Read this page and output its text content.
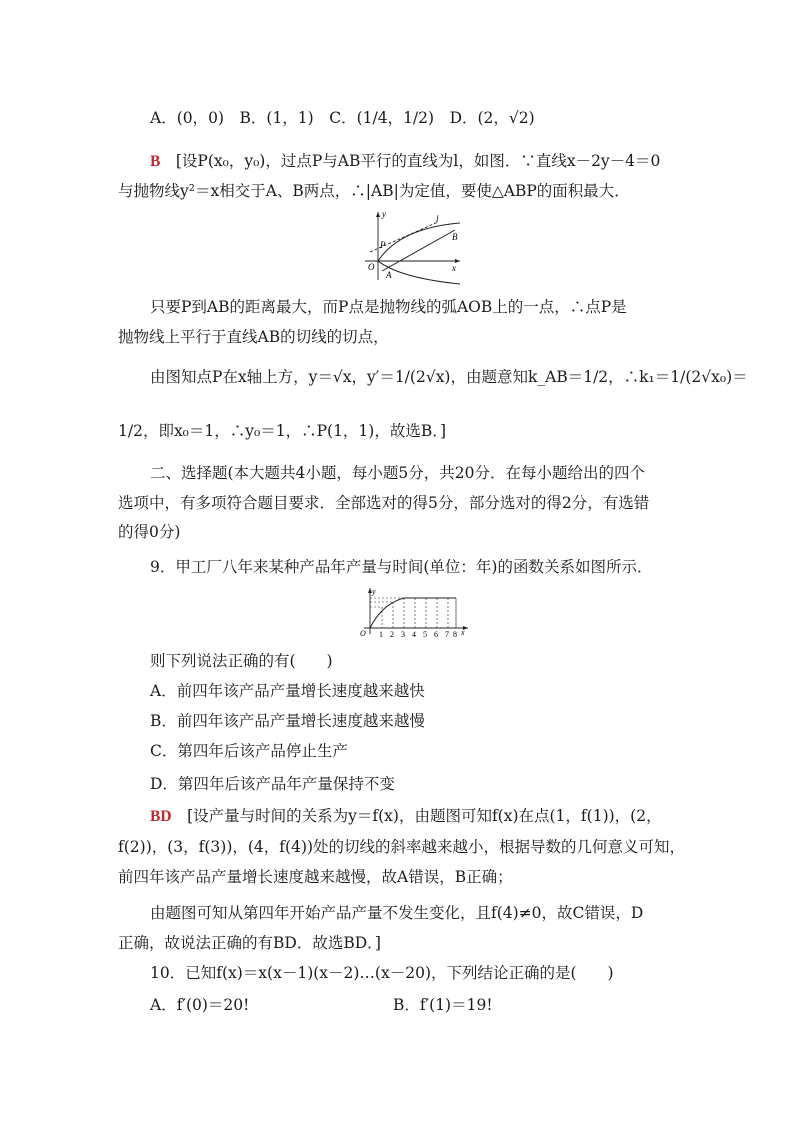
A．(0，0)　B．(1，1)　C．(1/4，1/2)　D．(2，√2)
B　 [设P(x₀，y₀)，过点P与AB平行的直线为l，如图．∵直线x－2y－4＝0
与抛物线y²＝x相交于A、B两点，∴|AB|为定值，要使△ABP的面积最大．
y	l
B
P
O
A
x
只要P到AB的距离最大，而P点是抛物线的弧AOB上的一点，∴点P是
抛物线上平行于直线AB的切线的切点，
由图知点P在x轴上方，y＝√x，y′＝1/(2√x)，由题意知k_AB＝1/2，∴k₁＝1/(2√x₀)＝
1/2，即x₀＝1，∴y₀＝1，∴P(1，1)，故选B．]
二、选择题(本大题共4小题，每小题5分，共20分．在每小题给出的四个
选项中，有多项符合题目要求．全部选对的得5分，部分选对的得2分，有选错
的得0分)
9．甲工厂八年来某种产品年产量与时间(单位：年)的函数关系如图所示．
y
O	x
1 2 3 4 5 6 7 8
则下列说法正确的有(　　)
A．前四年该产品产量增长速度越来越快
B．前四年该产品产量增长速度越来越慢
C．第四年后该产品停止生产
D．第四年后该产品年产量保持不变
BD　 [设产量与时间的关系为y＝f(x)，由题图可知f(x)在点(1，f(1))，(2，
f(2))，(3，f(3))，(4，f(4))处的切线的斜率越来越小，根据导数的几何意义可知，
前四年该产品产量增长速度越来越慢，故A错误，B正确；
由题图可知从第四年开始产品产量不发生变化，且f(4)≠0，故C错误，D
正确，故说法正确的有BD．故选BD．]
10．已知f(x)＝x(x－1)(x－2)…(x－20)，下列结论正确的是(　　)
A．f′(0)＝20!	B．f′(1)＝19!
